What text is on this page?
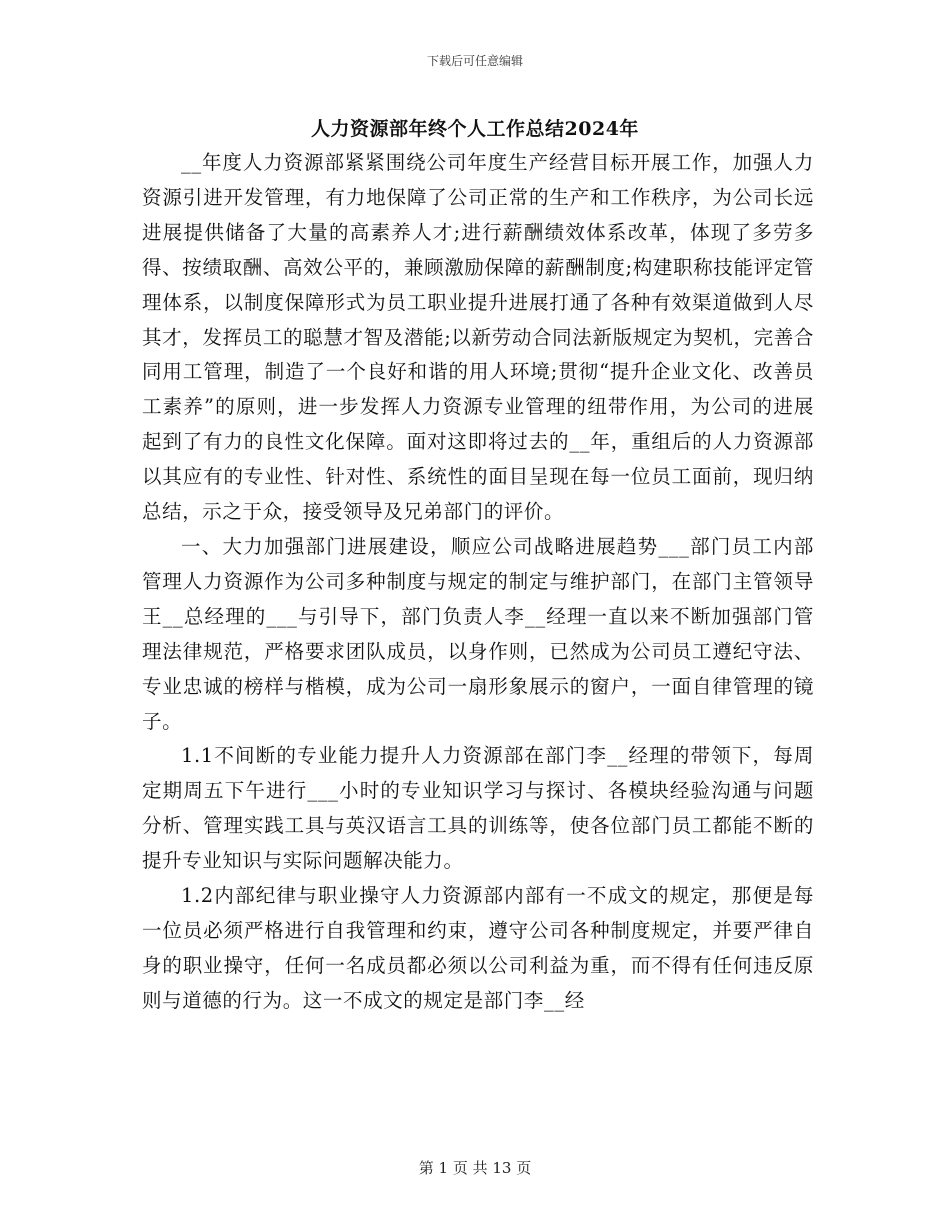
下载后可任意编辑
人力资源部年终个人工作总结2024年

__年度人力资源部紧紧围绕公司年度生产经营目标开展工作，加强人力资源引进开发管理，有力地保障了公司正常的生产和工作秩序，为公司长远进展提供储备了大量的高素养人才;进行薪酬绩效体系改革，体现了多劳多得、按绩取酬、高效公平的，兼顾激励保障的薪酬制度;构建职称技能评定管理体系，以制度保障形式为员工职业提升进展打通了各种有效渠道做到人尽其才，发挥员工的聪慧才智及潜能;以新劳动合同法新版规定为契机，完善合同用工管理，制造了一个良好和谐的用人环境;贯彻“提升企业文化、改善员工素养”的原则，进一步发挥人力资源专业管理的纽带作用，为公司的进展起到了有力的良性文化保障。面对这即将过去的__年，重组后的人力资源部以其应有的专业性、针对性、系统性的面目呈现在每一位员工面前，现归纳总结，示之于众，接受领导及兄弟部门的评价。

一、大力加强部门进展建设，顺应公司战略进展趋势___部门员工内部管理人力资源作为公司多种制度与规定的制定与维护部门，在部门主管领导王__总经理的___与引导下，部门负责人李__经理一直以来不断加强部门管理法律规范，严格要求团队成员，以身作则，已然成为公司员工遵纪守法、专业忠诚的榜样与楷模，成为公司一扇形象展示的窗户，一面自律管理的镜子。

1.1不间断的专业能力提升人力资源部在部门李__经理的带领下，每周定期周五下午进行___小时的专业知识学习与探讨、各模块经验沟通与问题分析、管理实践工具与英汉语言工具的训练等，使各位部门员工都能不断的提升专业知识与实际问题解决能力。

1.2内部纪律与职业操守人力资源部内部有一不成文的规定，那便是每一位员必须严格进行自我管理和约束，遵守公司各种制度规定，并要严律自身的职业操守，任何一名成员都必须以公司利益为重，而不得有任何违反原则与道德的行为。这一不成文的规定是部门李__经

第 1 页 共 13 页
